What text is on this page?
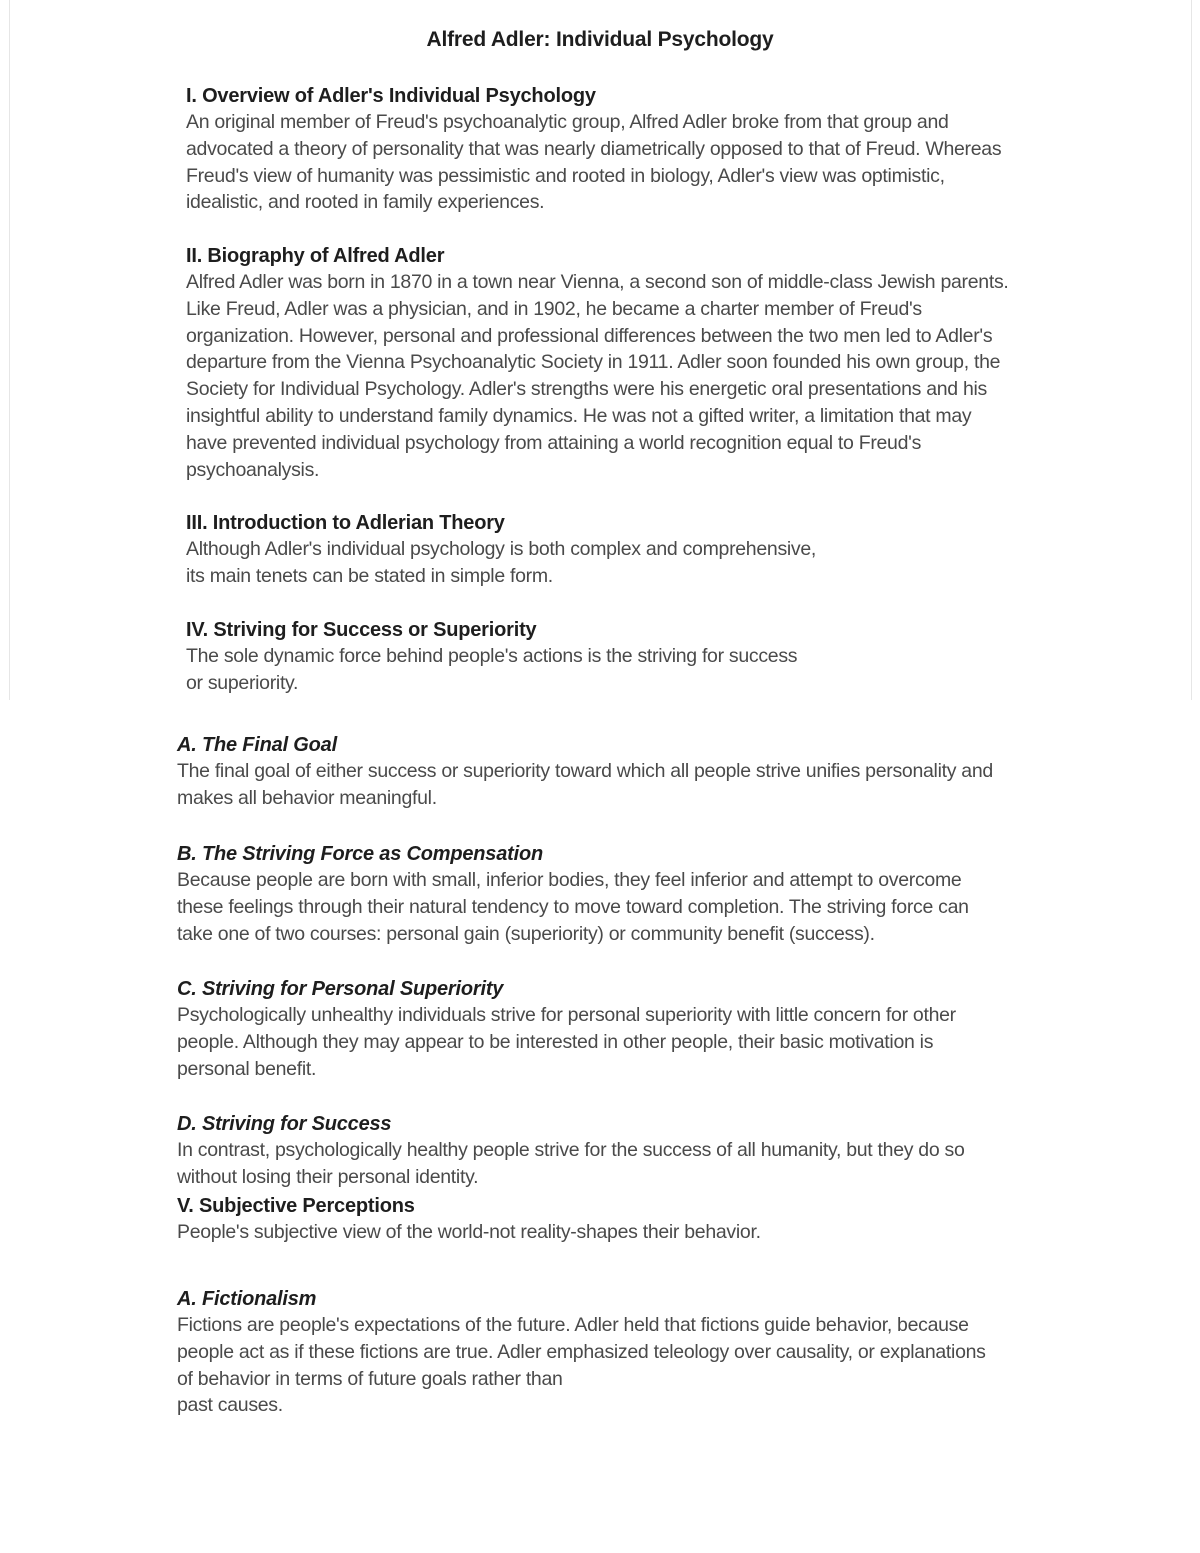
Alfred Adler: Individual Psychology
I. Overview of Adler's Individual Psychology
An original member of Freud's psychoanalytic group, Alfred Adler broke from that group and
advocated a theory of personality that was nearly diametrically opposed to that of Freud. Whereas
Freud's view of humanity was pessimistic and rooted in biology, Adler's view was optimistic,
idealistic, and rooted in family experiences.
II. Biography of Alfred Adler
Alfred Adler was born in 1870 in a town near Vienna, a second son of middle-class Jewish parents.
Like Freud, Adler was a physician, and in 1902, he became a charter member of Freud's
organization. However, personal and professional differences between the two men led to Adler's
departure from the Vienna Psychoanalytic Society in 1911. Adler soon founded his own group, the
Society for Individual Psychology. Adler's strengths were his energetic oral presentations and his
insightful ability to understand family dynamics. He was not a gifted writer, a limitation that may
have prevented individual psychology from attaining a world recognition equal to Freud's
psychoanalysis.
III. Introduction to Adlerian Theory
Although Adler's individual psychology is both complex and comprehensive,
its main tenets can be stated in simple form.
IV. Striving for Success or Superiority
The sole dynamic force behind people's actions is the striving for success
or superiority.
A. The Final Goal
The final goal of either success or superiority toward which all people strive unifies personality and
makes all behavior meaningful.
B. The Striving Force as Compensation
Because people are born with small, inferior bodies, they feel inferior and attempt to overcome
these feelings through their natural tendency to move toward completion. The striving force can
take one of two courses: personal gain (superiority) or community benefit (success).
C. Striving for Personal Superiority
Psychologically unhealthy individuals strive for personal superiority with little concern for other
people. Although they may appear to be interested in other people, their basic motivation is
personal benefit.
D. Striving for Success
In contrast, psychologically healthy people strive for the success of all humanity, but they do so
without losing their personal identity.
V. Subjective Perceptions
People's subjective view of the world-not reality-shapes their behavior.
A. Fictionalism
Fictions are people's expectations of the future. Adler held that fictions guide behavior, because
people act as if these fictions are true. Adler emphasized teleology over causality, or explanations
of behavior in terms of future goals rather than
past causes.
